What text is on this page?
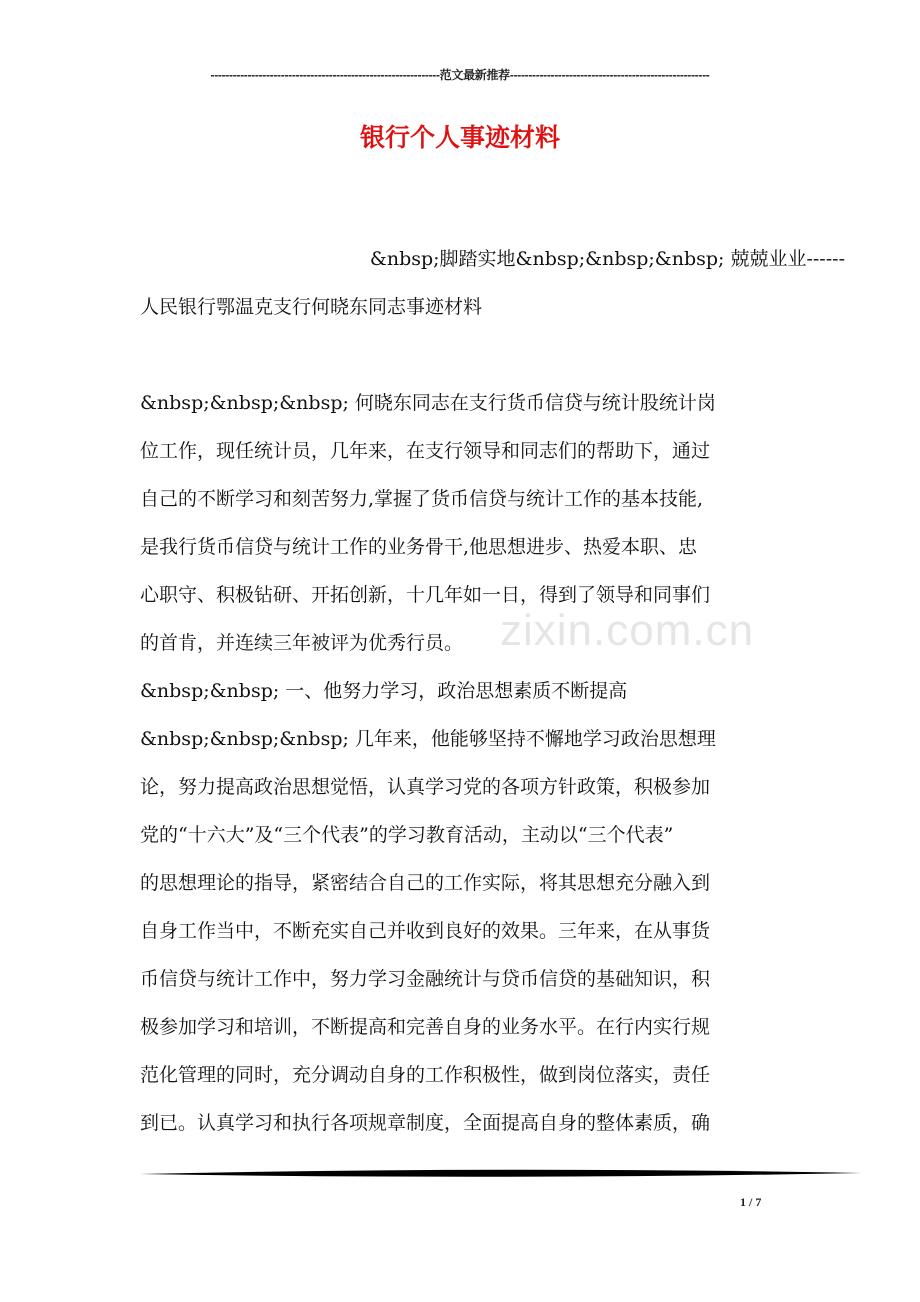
--------------------------------------------------------------范文最新推荐------------------------------------------------------
银行个人事迹材料
zixin.com.cn
&nbsp;脚踏实地&nbsp;&nbsp;&nbsp; 兢兢业业------
人民银行鄂温克支行何晓东同志事迹材料
&nbsp;&nbsp;&nbsp; 何晓东同志在支行货币信贷与统计股统计岗
位工作，现任统计员，几年来，在支行领导和同志们的帮助下，通过
自己的不断学习和刻苦努力,掌握了货币信贷与统计工作的基本技能,
是我行货币信贷与统计工作的业务骨干,他思想进步、热爱本职、忠
心职守、积极钻研、开拓创新，十几年如一日，得到了领导和同事们
的首肯，并连续三年被评为优秀行员。
&nbsp;&nbsp; 一、他努力学习，政治思想素质不断提高
&nbsp;&nbsp;&nbsp; 几年来，他能够坚持不懈地学习政治思想理
论，努力提高政治思想觉悟，认真学习党的各项方针政策，积极参加
党的“十六大”及“三个代表”的学习教育活动，主动以“三个代表”
的思想理论的指导，紧密结合自己的工作实际，将其思想充分融入到
自身工作当中，不断充实自己并收到良好的效果。三年来，在从事货
币信贷与统计工作中，努力学习金融统计与贷币信贷的基础知识，积
极参加学习和培训，不断提高和完善自身的业务水平。在行内实行规
范化管理的同时，充分调动自身的工作积极性，做到岗位落实，责任
到已。认真学习和执行各项规章制度，全面提高自身的整体素质，确
1 / 7
